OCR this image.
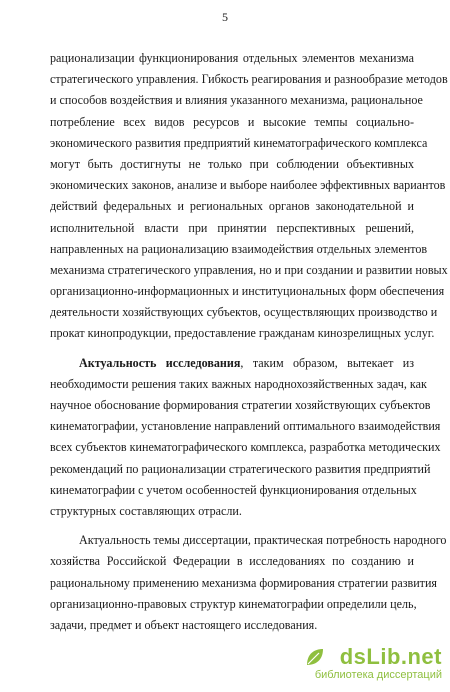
5
рационализации функционирования отдельных элементов механизма
стратегического управления. Гибкость реагирования и разнообразие методов
и способов воздействия и влияния указанного механизма, рациональное
потребление всех видов ресурсов и высокие темпы социально-
экономического развития предприятий кинематографического комплекса
могут быть достигнуты не только при соблюдении объективных
экономических законов, анализе и выборе наиболее эффективных вариантов
действий федеральных и региональных органов законодательной и
исполнительной власти при принятии перспективных решений,
направленных на рационализацию взаимодействия отдельных элементов
механизма стратегического управления, но и при создании и развитии новых
организационно-информационных и институциональных форм обеспечения
деятельности хозяйствующих субъектов, осуществляющих производство и
прокат кинопродукции, предоставление гражданам кинозрелищных услуг.
Актуальность исследования, таким образом, вытекает из
необходимости решения таких важных народнохозяйственных задач, как
научное обоснование формирования стратегии хозяйствующих субъектов
кинематографии, установление направлений оптимального взаимодействия
всех субъектов кинематографического комплекса, разработка методических
рекомендаций по рационализации стратегического развития предприятий
кинематографии с учетом особенностей функционирования отдельных
структурных составляющих отрасли.
Актуальность темы диссертации, практическая потребность народного
хозяйства Российской Федерации в исследованиях по созданию и
рациональному применению механизма формирования стратегии развития
организационно-правовых структур кинематографии определили цель,
задачи, предмет и объект настоящего исследования.
dsLib.net
библиотека диссертаций
